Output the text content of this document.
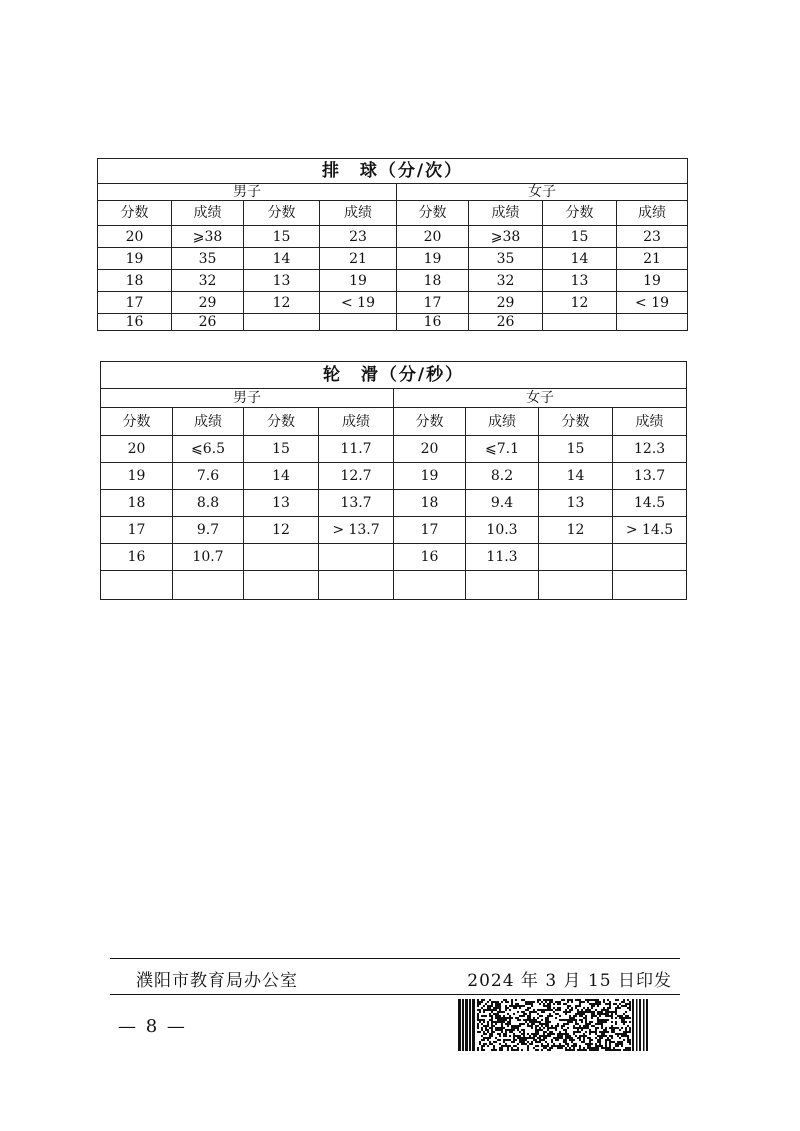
排　球（分/次）							
男子				女子			
分数	成绩	分数	成绩	分数	成绩	分数	成绩
20	⩾38	15	23	20	⩾38	15	23
19	35	14	21	19	35	14	21
18	32	13	19	18	32	13	19
17	29	12	< 19	17	29	12	< 19
16	26			16	26		
轮　滑（分/秒）							
男子				女子			
分数	成绩	分数	成绩	分数	成绩	分数	成绩
20	⩽6.5	15	11.7	20	⩽7.1	15	12.3
19	7.6	14	12.7	19	8.2	14	13.7
18	8.8	13	13.7	18	9.4	13	14.5
17	9.7	12	> 13.7	17	10.3	12	> 14.5
16	10.7			16	11.3		

濮阳市教育局办公室	2024 年 3 月 15 日印发
— 8 —
